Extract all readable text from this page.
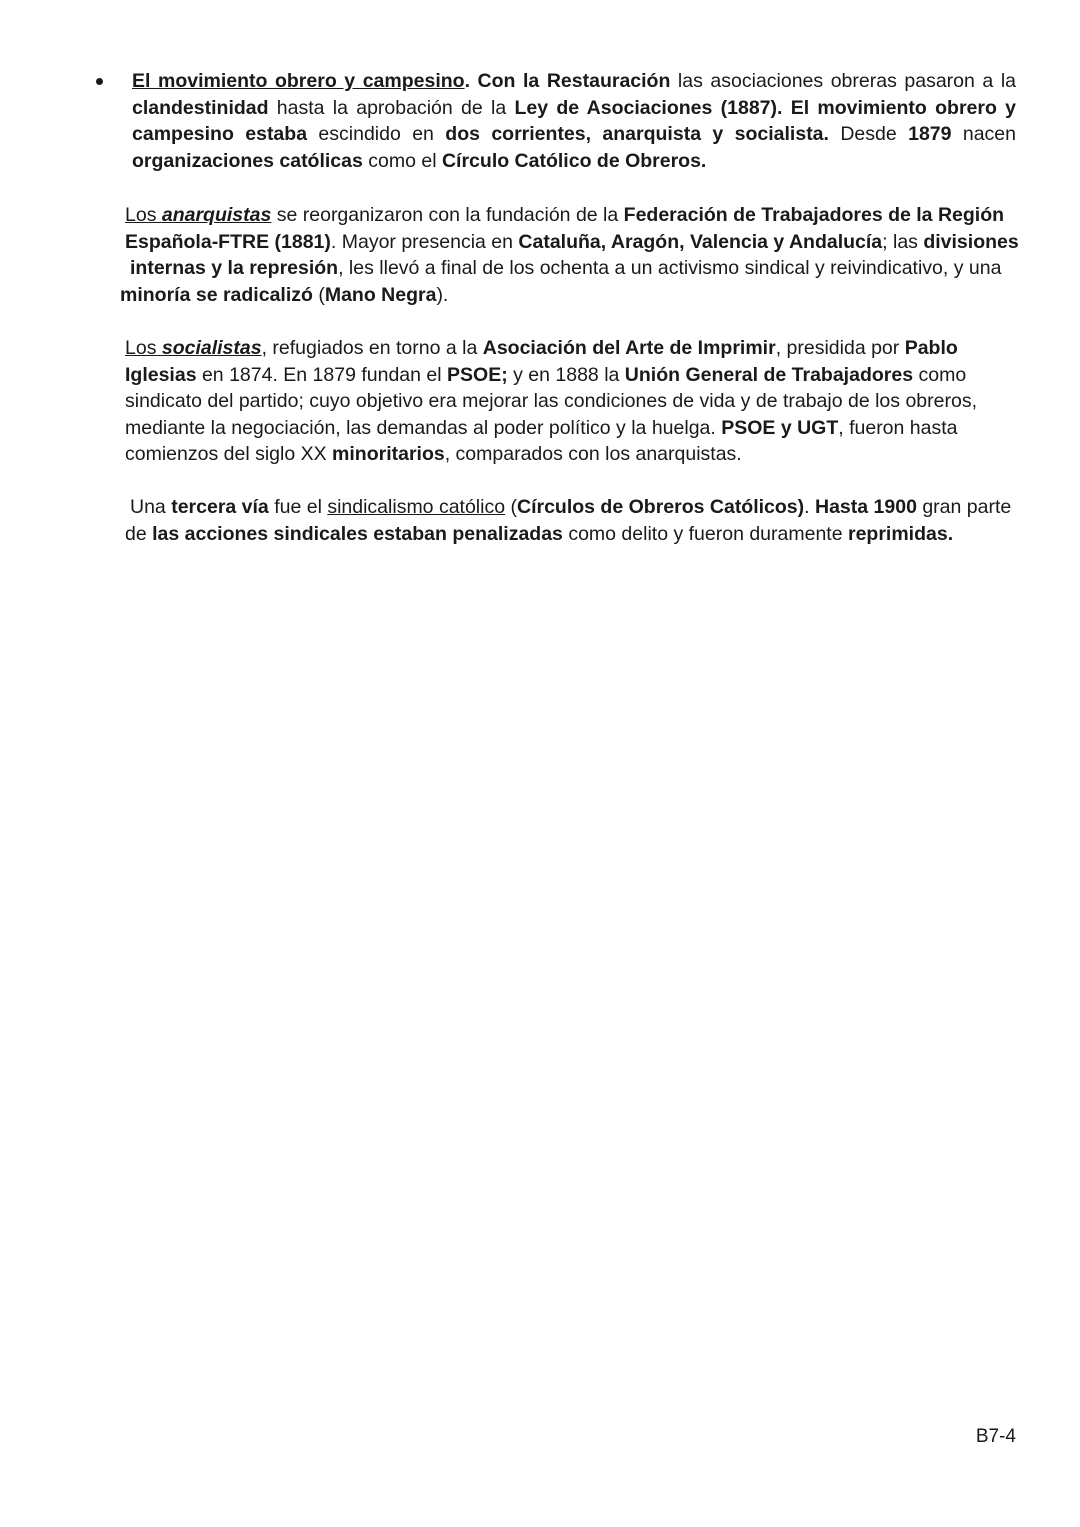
El movimiento obrero y campesino. Con la Restauración las asociaciones obreras pasaron a la clandestinidad hasta la aprobación de la Ley de Asociaciones (1887). El movimiento obrero y campesino estaba escindido en dos corrientes, anarquista y socialista. Desde 1879 nacen organizaciones católicas como el Círculo Católico de Obreros.
Los anarquistas se reorganizaron con la fundación de la Federación de Trabajadores de la Región
Española-FTRE (1881). Mayor presencia en Cataluña, Aragón, Valencia y Andalucía; las divisiones
internas y la represión, les llevó a final de los ochenta a un activismo sindical y reivindicativo, y una
minoría se radicalizó (Mano Negra).
Los socialistas, refugiados en torno a la Asociación del Arte de Imprimir, presidida por Pablo
Iglesias en 1874. En 1879 fundan el PSOE; y en 1888 la Unión General de Trabajadores como
sindicato del partido; cuyo objetivo era mejorar las condiciones de vida y de trabajo de los obreros,
mediante la negociación, las demandas al poder político y la huelga. PSOE y UGT, fueron hasta
comienzos del siglo XX minoritarios, comparados con los anarquistas.
Una tercera vía fue el sindicalismo católico (Círculos de Obreros Católicos). Hasta 1900 gran parte
de las acciones sindicales estaban penalizadas como delito y fueron duramente reprimidas.
B7-4
